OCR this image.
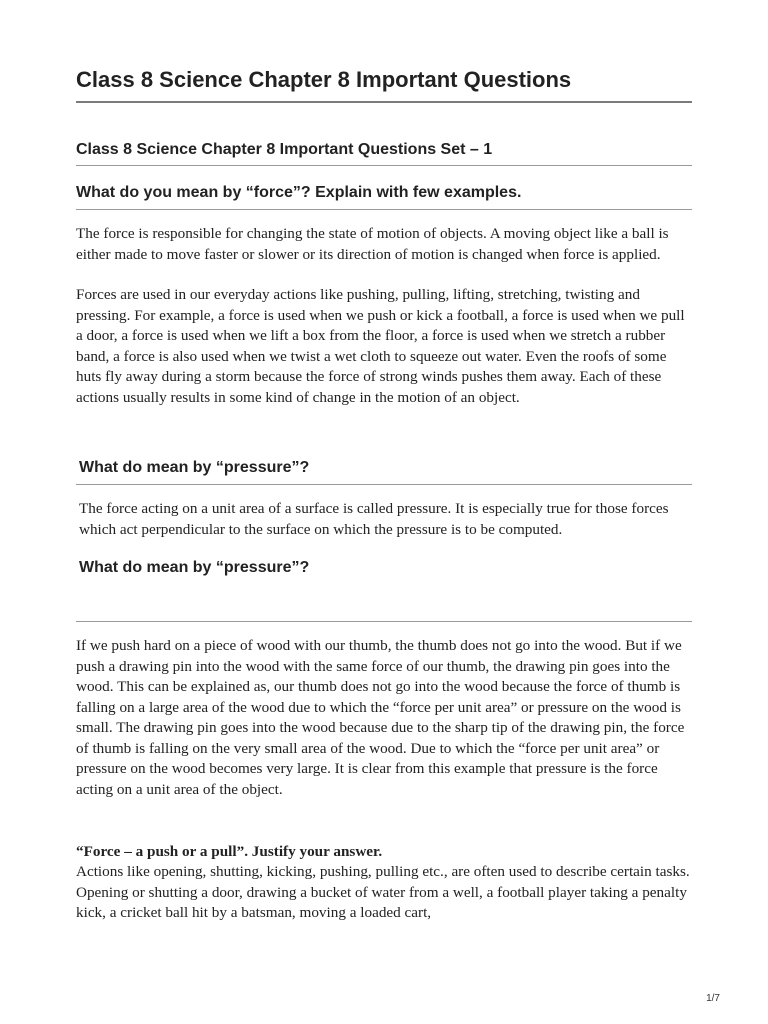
Class 8 Science Chapter 8 Important Questions
Class 8 Science Chapter 8 Important Questions Set – 1
What do you mean by “force”? Explain with few examples.

The force is responsible for changing the state of motion of objects. A moving object like a ball is either made to move faster or slower or its direction of motion is changed when force is applied.

Forces are used in our everyday actions like pushing, pulling, lifting, stretching, twisting and pressing. For example, a force is used when we push or kick a football, a force is used when we pull a door, a force is used when we lift a box from the floor, a force is used when we stretch a rubber band, a force is also used when we twist a wet cloth to squeeze out water. Even the roofs of some huts fly away during a storm because the force of strong winds pushes them away. Each of these actions usually results in some kind of change in the motion of an object.

What do mean by “pressure”?

The force acting on a unit area of a surface is called pressure. It is especially true for those forces which act perpendicular to the surface on which the pressure is to be computed.

What do mean by “pressure”?

If we push hard on a piece of wood with our thumb, the thumb does not go into the wood. But if we push a drawing pin into the wood with the same force of our thumb, the drawing pin goes into the wood. This can be explained as, our thumb does not go into the wood because the force of thumb is falling on a large area of the wood due to which the “force per unit area” or pressure on the wood is small. The drawing pin goes into the wood because due to the sharp tip of the drawing pin, the force of thumb is falling on the very small area of the wood. Due to which the “force per unit area” or pressure on the wood becomes very large. It is clear from this example that pressure is the force acting on a unit area of the object.

“Force – a push or a pull”. Justify your answer.

Actions like opening, shutting, kicking, pushing, pulling etc., are often used to describe certain tasks. Opening or shutting a door, drawing a bucket of water from a well, a football player taking a penalty kick, a cricket ball hit by a batsman, moving a loaded cart,

1/7
